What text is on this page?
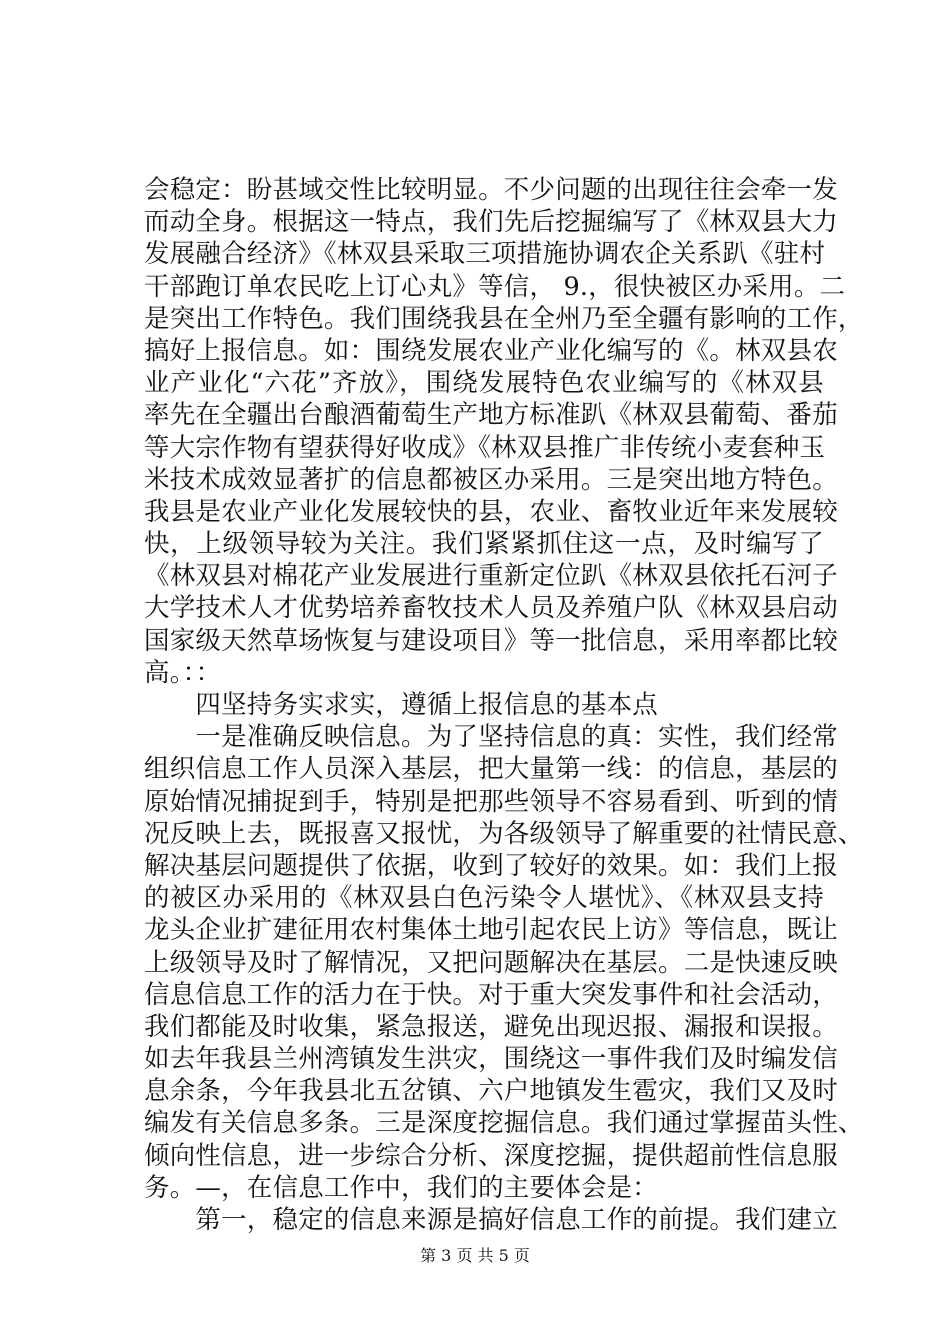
会稳定：盼甚域交性比较明显。不少问题的出现往往会牵一发
而动全身。根据这一特点，我们先后挖掘编写了《林双县大力
发展融合经济》《林双县采取三项措施协调农企关系趴《驻村
干部跑订单农民吃上订心丸》等信， 9.，很快被区办采用。二
是突出工作特色。我们围绕我县在全州乃至全疆有影响的工作，
搞好上报信息。如：围绕发展农业产业化编写的《。林双县农
业产业化“六花”齐放》，围绕发展特色农业编写的《林双县
率先在全疆出台酿酒葡萄生产地方标准趴《林双县葡萄、番茄
等大宗作物有望获得好收成》《林双县推广非传统小麦套种玉
米技术成效显著扩的信息都被区办采用。三是突出地方特色。
我县是农业产业化发展较快的县，农业、畜牧业近年来发展较
快，上级领导较为关注。我们紧紧抓住这一点，及时编写了
《林双县对棉花产业发展进行重新定位趴《林双县依托石河子
大学技术人才优势培养畜牧技术人员及养殖户队《林双县启动
国家级天然草场恢复与建设项目》等一批信息，采用率都比较
高。：：
　　四坚持务实求实，遵循上报信息的基本点
　　一是准确反映信息。为了坚持信息的真：实性，我们经常
组织信息工作人员深入基层，把大量第一线：的信息，基层的
原始情况捕捉到手，特别是把那些领导不容易看到、听到的情
况反映上去，既报喜又报忧，为各级领导了解重要的社情民意、
解决基层问题提供了依据，收到了较好的效果。如：我们上报
的被区办采用的《林双县白色污染令人堪忧》、《林双县支持
龙头企业扩建征用农村集体土地引起农民上访》等信息，既让
上级领导及时了解情况，又把问题解决在基层。二是快速反映
信息信息工作的活力在于快。对于重大突发事件和社会活动，
我们都能及时收集，紧急报送，避免出现迟报、漏报和误报。
如去年我县兰州湾镇发生洪灾，围绕这一事件我们及时编发信
息余条，今年我县北五岔镇、六户地镇发生雹灾，我们又及时
编发有关信息多条。三是深度挖掘信息。我们通过掌握苗头性、
倾向性信息，进一步综合分析、深度挖掘，提供超前性信息服
务。—，在信息工作中，我们的主要体会是：
　　第一，稳定的信息来源是搞好信息工作的前提。我们建立
第 3 页 共 5 页
